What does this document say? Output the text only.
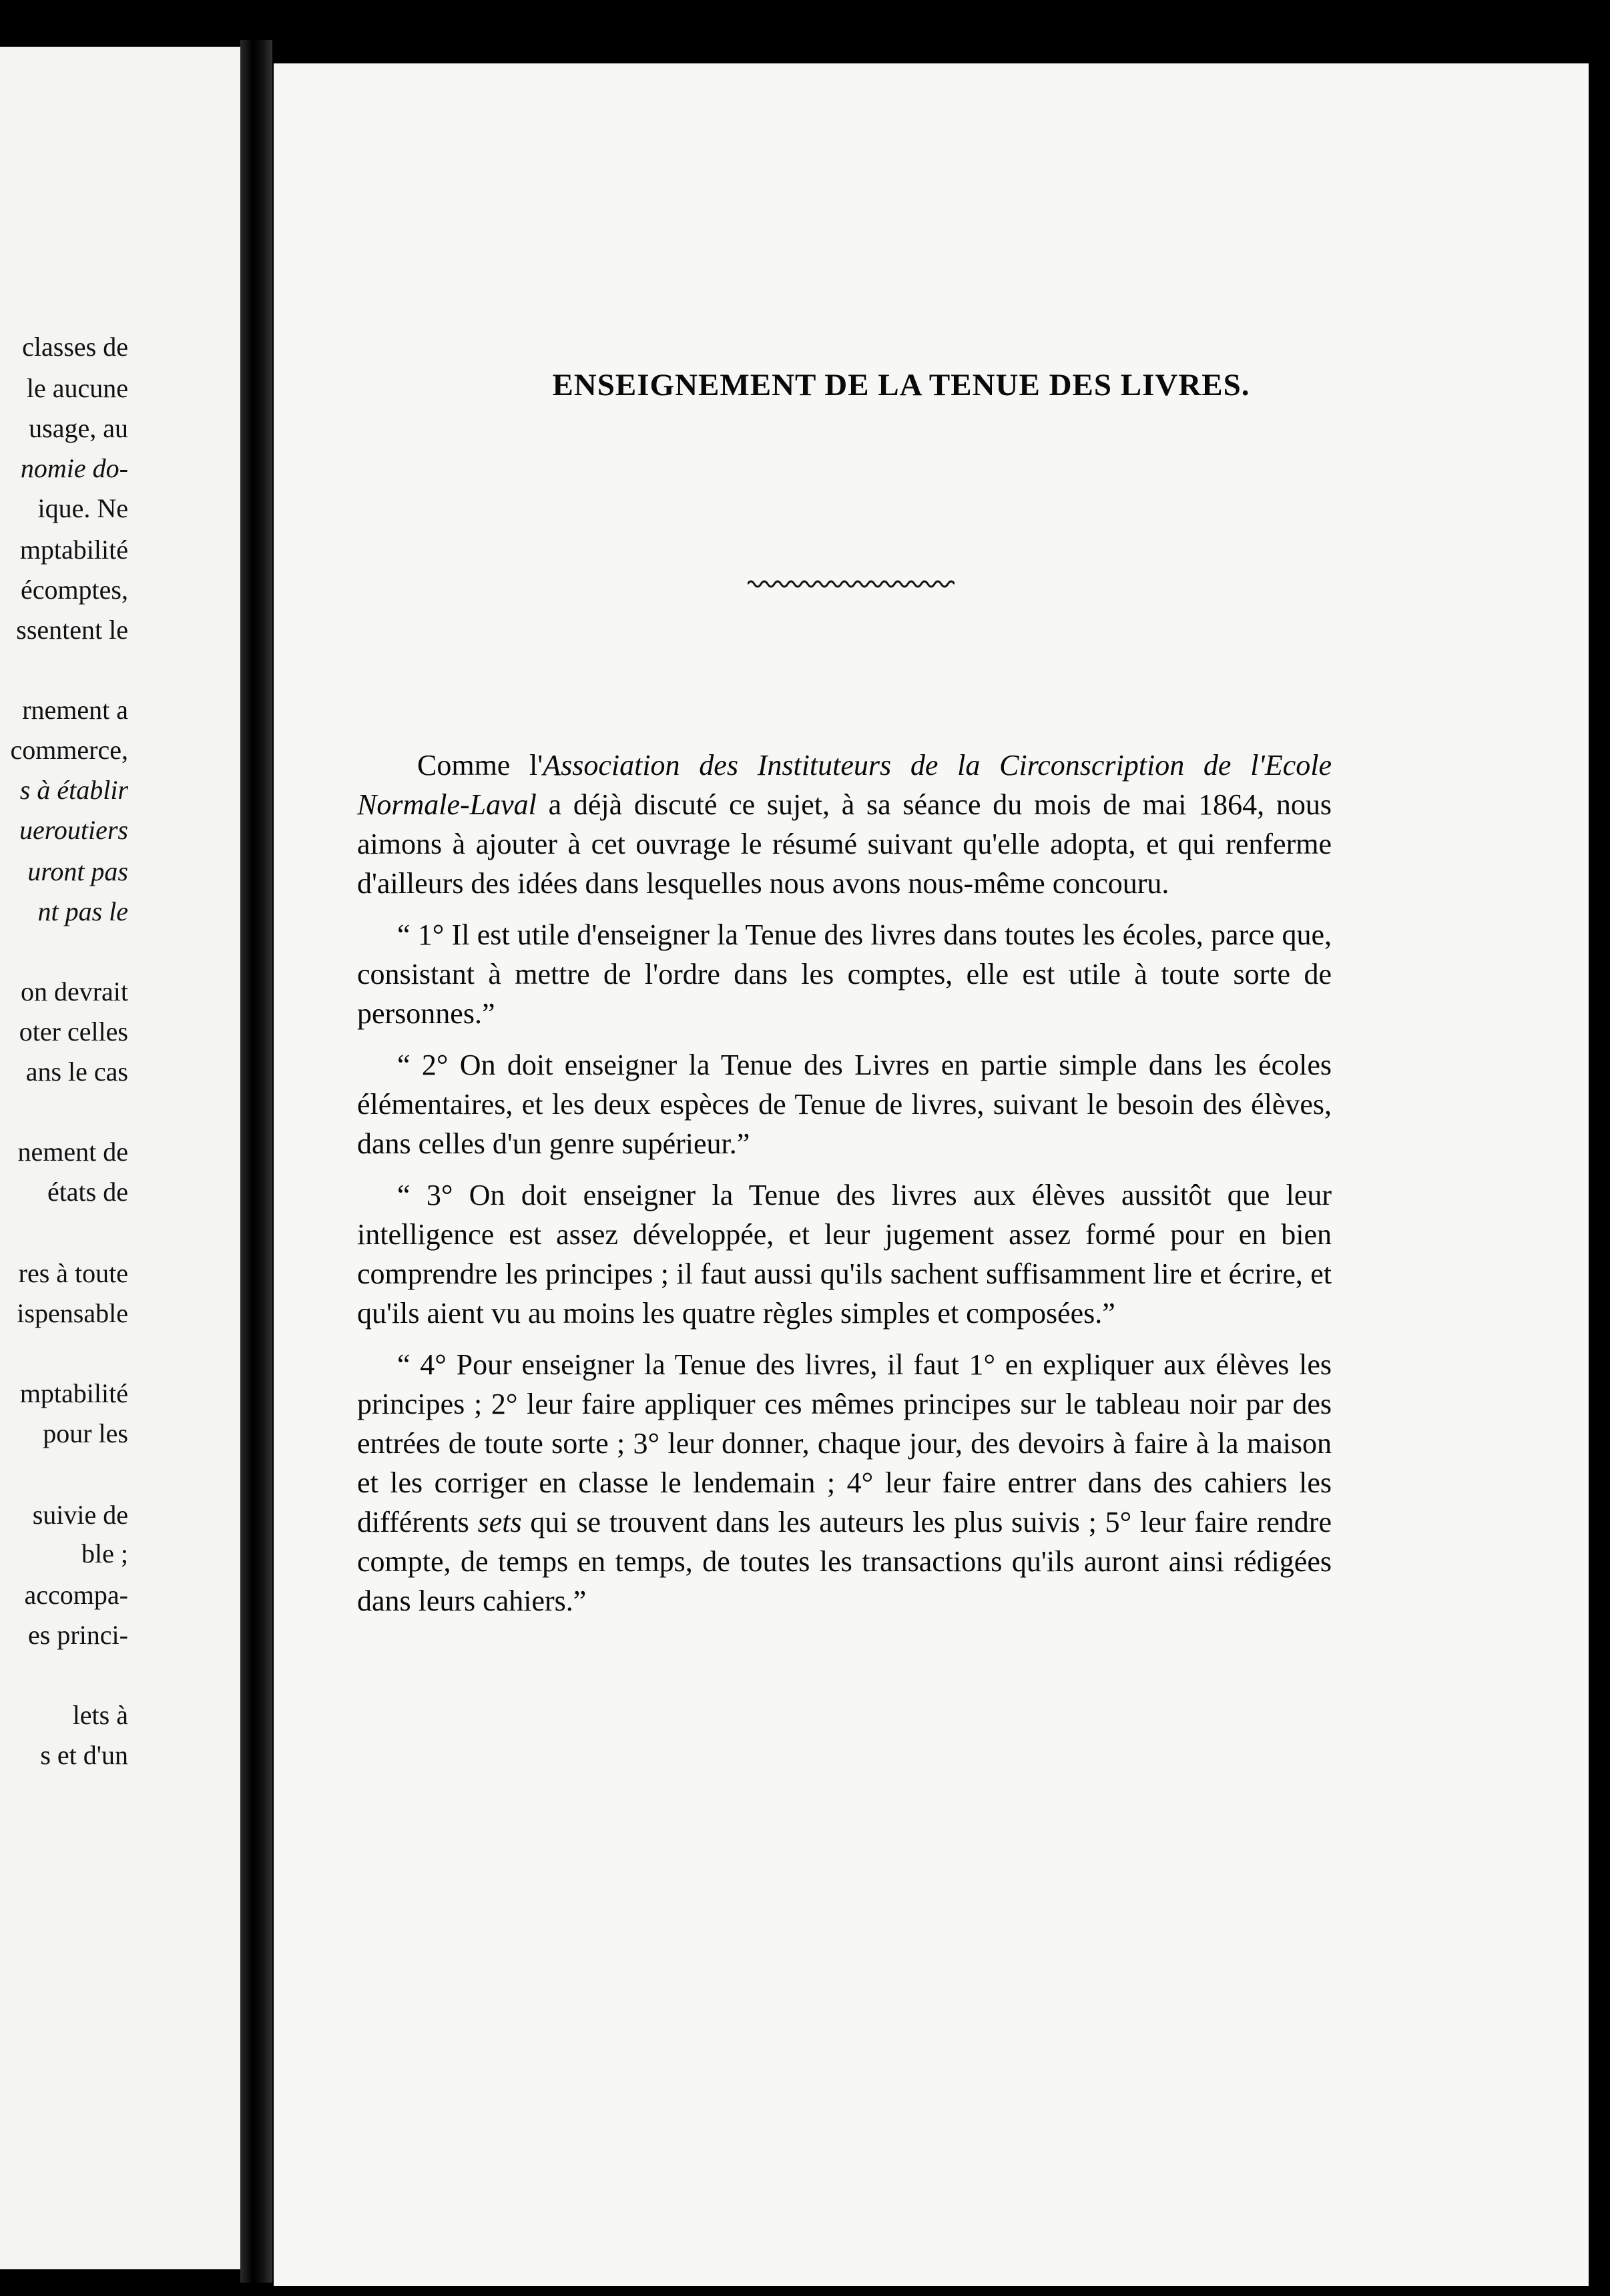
classes de
le aucune
usage, au
nomie do-
ique. Ne
mptabilité
écomptes,
ssentent le
rnement a
commerce,
s à établir
ueroutiers
uront pas
nt pas le
on devrait
oter celles
ans le cas
nement de
états de
res à toute
ispensable
mptabilité
pour les
suivie de
ble ;
accompa-
es princi-
lets à
s et d'un
ENSEIGNEMENT DE LA TENUE DES LIVRES.

Comme l'Association des Instituteurs de la Circonscription de l'Ecole Normale-Laval a déjà discuté ce sujet, à sa séance du mois de mai 1864, nous aimons à ajouter à cet ouvrage le résumé suivant qu'elle adopta, et qui renferme d'ailleurs des idées dans lesquelles nous avons nous-même concouru.

“ 1° Il est utile d'enseigner la Tenue des livres dans toutes les écoles, parce que, consistant à mettre de l'ordre dans les comptes, elle est utile à toute sorte de personnes.”

“ 2° On doit enseigner la Tenue des Livres en partie simple dans les écoles élémentaires, et les deux espèces de Tenue de livres, suivant le besoin des élèves, dans celles d'un genre supérieur.”

“ 3° On doit enseigner la Tenue des livres aux élèves aussitôt que leur intelligence est assez développée, et leur jugement assez formé pour en bien comprendre les principes ; il faut aussi qu'ils sachent suffisamment lire et écrire, et qu'ils aient vu au moins les quatre règles simples et composées.”

“ 4° Pour enseigner la Tenue des livres, il faut 1° en expliquer aux élèves les principes ; 2° leur faire appliquer ces mêmes principes sur le tableau noir par des entrées de toute sorte ; 3° leur donner, chaque jour, des devoirs à faire à la maison et les corriger en classe le lendemain ; 4° leur faire entrer dans des cahiers les différents sets qui se trouvent dans les auteurs les plus suivis ; 5° leur faire rendre compte, de temps en temps, de toutes les transactions qu'ils auront ainsi rédigées dans leurs cahiers.”
